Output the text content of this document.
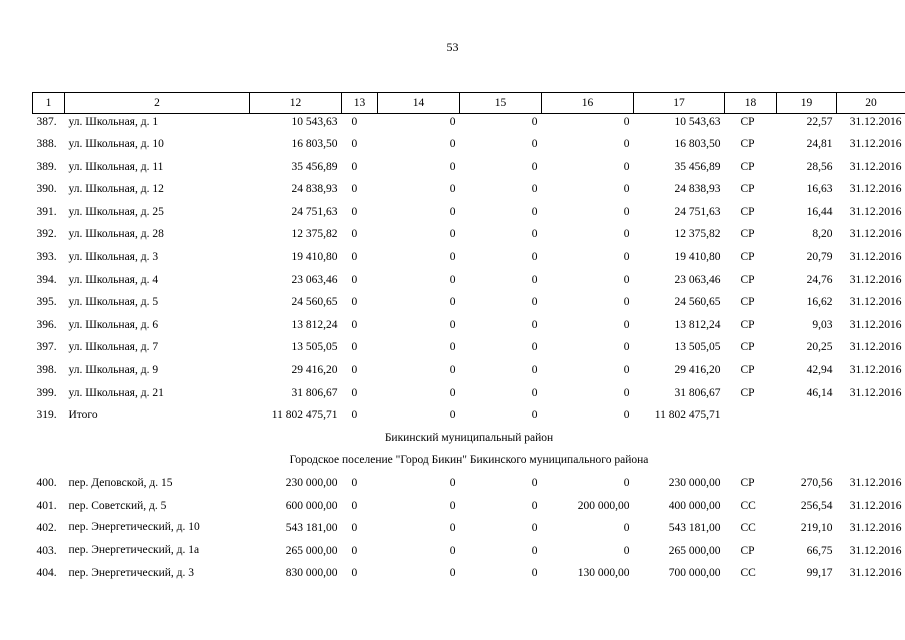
53
1	2	12	13	14	15	16	17	18	19	20
387.	ул. Школьная, д. 1	10 543,63	0	0	0	0	10 543,63	СР	22,57	31.12.2016
388.	ул. Школьная, д. 10	16 803,50	0	0	0	0	16 803,50	СР	24,81	31.12.2016
389.	ул. Школьная, д. 11	35 456,89	0	0	0	0	35 456,89	СР	28,56	31.12.2016
390.	ул. Школьная, д. 12	24 838,93	0	0	0	0	24 838,93	СР	16,63	31.12.2016
391.	ул. Школьная, д. 25	24 751,63	0	0	0	0	24 751,63	СР	16,44	31.12.2016
392.	ул. Школьная, д. 28	12 375,82	0	0	0	0	12 375,82	СР	8,20	31.12.2016
393.	ул. Школьная, д. 3	19 410,80	0	0	0	0	19 410,80	СР	20,79	31.12.2016
394.	ул. Школьная, д. 4	23 063,46	0	0	0	0	23 063,46	СР	24,76	31.12.2016
395.	ул. Школьная, д. 5	24 560,65	0	0	0	0	24 560,65	СР	16,62	31.12.2016
396.	ул. Школьная, д. 6	13 812,24	0	0	0	0	13 812,24	СР	9,03	31.12.2016
397.	ул. Школьная, д. 7	13 505,05	0	0	0	0	13 505,05	СР	20,25	31.12.2016
398.	ул. Школьная, д. 9	29 416,20	0	0	0	0	29 416,20	СР	42,94	31.12.2016
399.	ул. Школьная, д. 21	31 806,67	0	0	0	0	31 806,67	СР	46,14	31.12.2016
319.	Итого	11 802 475,71	0	0	0	0	11 802 475,71			
Бикинский муниципальный район										
Городское поселение "Город Бикин" Бикинского муниципального района										
400.	пер. Деповской, д. 15	230 000,00	0	0	0	0	230 000,00	СР	270,56	31.12.2016
401.	пер. Советский, д. 5	600 000,00	0	0	0	200 000,00	400 000,00	СС	256,54	31.12.2016
402.	пер. Энергетический, д. 10	543 181,00	0	0	0	0	543 181,00	СС	219,10	31.12.2016
403.	пер. Энергетический, д. 1а	265 000,00	0	0	0	0	265 000,00	СР	66,75	31.12.2016
404.	пер. Энергетический, д. 3	830 000,00	0	0	0	130 000,00	700 000,00	СС	99,17	31.12.2016
